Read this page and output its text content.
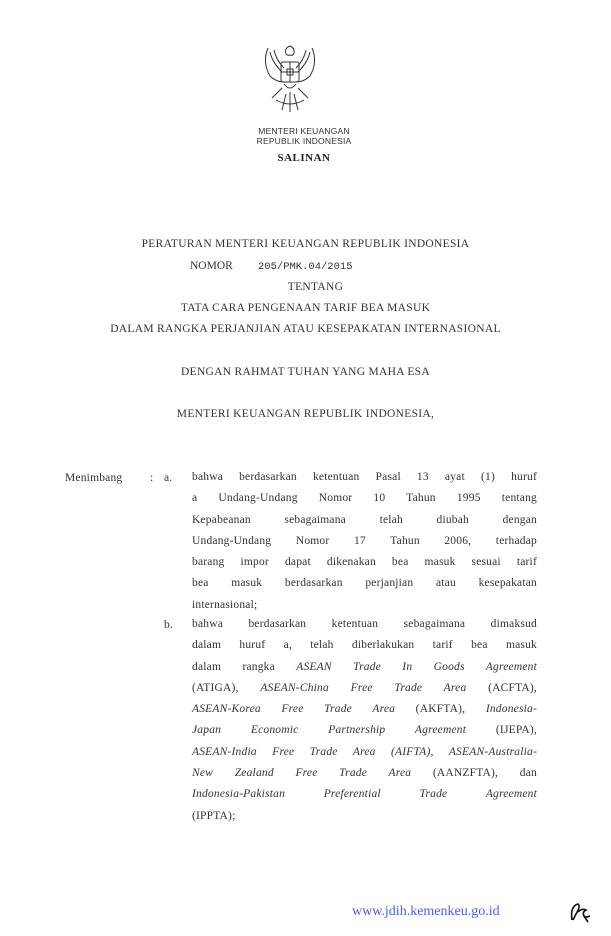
MENTERI KEUANGAN
REPUBLIK INDONESIA
SALINAN
PERATURAN MENTERI KEUANGAN REPUBLIK INDONESIA
NOMOR 205/PMK.04/2015
TENTANG
TATA CARA PENGENAAN TARIF BEA MASUK
DALAM RANGKA PERJANJIAN ATAU KESEPAKATAN INTERNASIONAL
DENGAN RAHMAT TUHAN YANG MAHA ESA
MENTERI KEUANGAN REPUBLIK INDONESIA,
Menimbang : a. bahwa berdasarkan ketentuan Pasal 13 ayat (1) huruf
a Undang-Undang Nomor 10 Tahun 1995 tentang
Kepabeanan sebagaimana telah diubah dengan
Undang-Undang Nomor 17 Tahun 2006, terhadap
barang impor dapat dikenakan bea masuk sesuai tarif
bea masuk berdasarkan perjanjian atau kesepakatan
internasional;
b. bahwa berdasarkan ketentuan sebagaimana dimaksud
dalam huruf a, telah diberlakukan tarif bea masuk
dalam rangka ASEAN Trade In Goods Agreement
(ATIGA), ASEAN-China Free Trade Area (ACFTA),
ASEAN-Korea Free Trade Area (AKFTA), Indonesia-
Japan Economic Partnership Agreement (IJEPA),
ASEAN-India Free Trade Area (AIFTA), ASEAN-Australia-
New Zealand Free Trade Area (AANZFTA), dan
Indonesia-Pakistan Preferential Trade Agreement
(IPPTA);
www.jdih.kemenkeu.go.id
